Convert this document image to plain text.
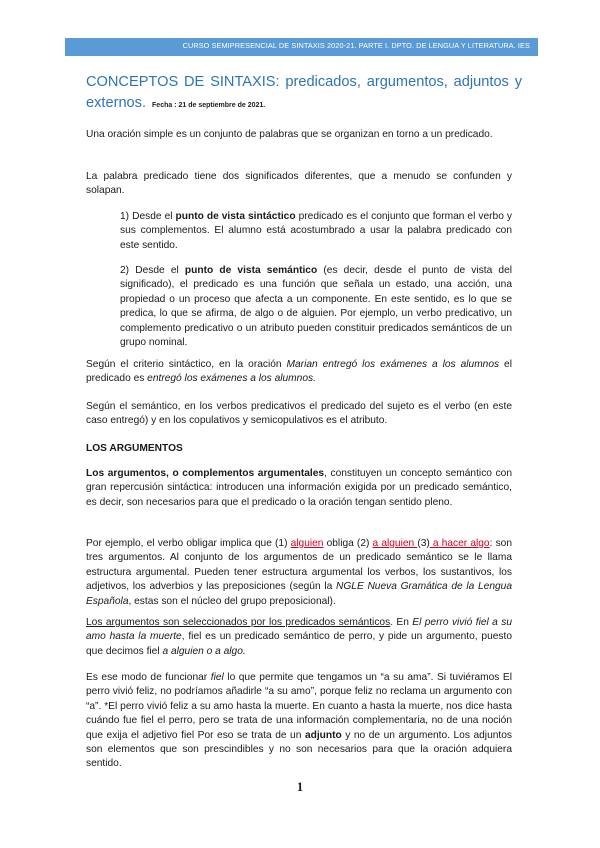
CURSO SEMIPRESENCIAL DE SINTAXIS 2020-21. PARTE I. DPTO. DE LENGUA Y LITERATURA. IES
CONCEPTOS DE SINTAXIS: predicados, argumentos, adjuntos y
externos. Fecha : 21 de septiembre de 2021.

Una oración simple es un conjunto de palabras que se organizan en torno a un predicado.

La palabra predicado tiene dos significados diferentes, que a menudo se confunden y solapan.

1) Desde el punto de vista sintáctico predicado es el conjunto que forman el verbo y sus complementos. El alumno está acostumbrado a usar la palabra predicado con este sentido.

2) Desde el punto de vista semántico (es decir, desde el punto de vista del significado), el predicado es una función que señala un estado, una acción, una propiedad o un proceso que afecta a un componente. En este sentido, es lo que se predica, lo que se afirma, de algo o de alguien. Por ejemplo, un verbo predicativo, un complemento predicativo o un atributo pueden constituir predicados semánticos de un grupo nominal.

Según el criterio sintáctico, en la oración Marian entregó los exámenes a los alumnos el predicado es entregó los exámenes a los alumnos.

Según el semántico, en los verbos predicativos el predicado del sujeto es el verbo (en este caso entregó) y en los copulativos y semicopulativos es el atributo.

LOS ARGUMENTOS

Los argumentos, o complementos argumentales, constituyen un concepto semántico con gran repercusión sintáctica: introducen una información exigida por un predicado semántico, es decir, son necesarios para que el predicado o la oración tengan sentido pleno.

Por ejemplo, el verbo obligar implica que (1) alguien obliga (2) a alguien (3) a hacer algo: son tres argumentos. Al conjunto de los argumentos de un predicado semántico se le llama estructura argumental. Pueden tener estructura argumental los verbos, los sustantivos, los adjetivos, los adverbios y las preposiciones (según la NGLE Nueva Gramática de la Lengua Española, estas son el núcleo del grupo preposicional).

Los argumentos son seleccionados por los predicados semánticos. En El perro vivió fiel a su amo hasta la muerte, fiel es un predicado semántico de perro, y pide un argumento, puesto que decimos fiel a alguien o a algo.

Es ese modo de funcionar fiel lo que permite que tengamos un “a su ama”. Si tuviéramos El perro vivió feliz, no podríamos añadirle “a su amo”, porque feliz no reclama un argumento con “a”. *El perro vivió feliz a su amo hasta la muerte. En cuanto a hasta la muerte, nos dice hasta cuándo fue fiel el perro, pero se trata de una información complementaria, no de una noción que exija el adjetivo fiel Por eso se trata de un adjunto y no de un argumento. Los adjuntos son elementos que son prescindibles y no son necesarios para que la oración adquiera sentido.

1
